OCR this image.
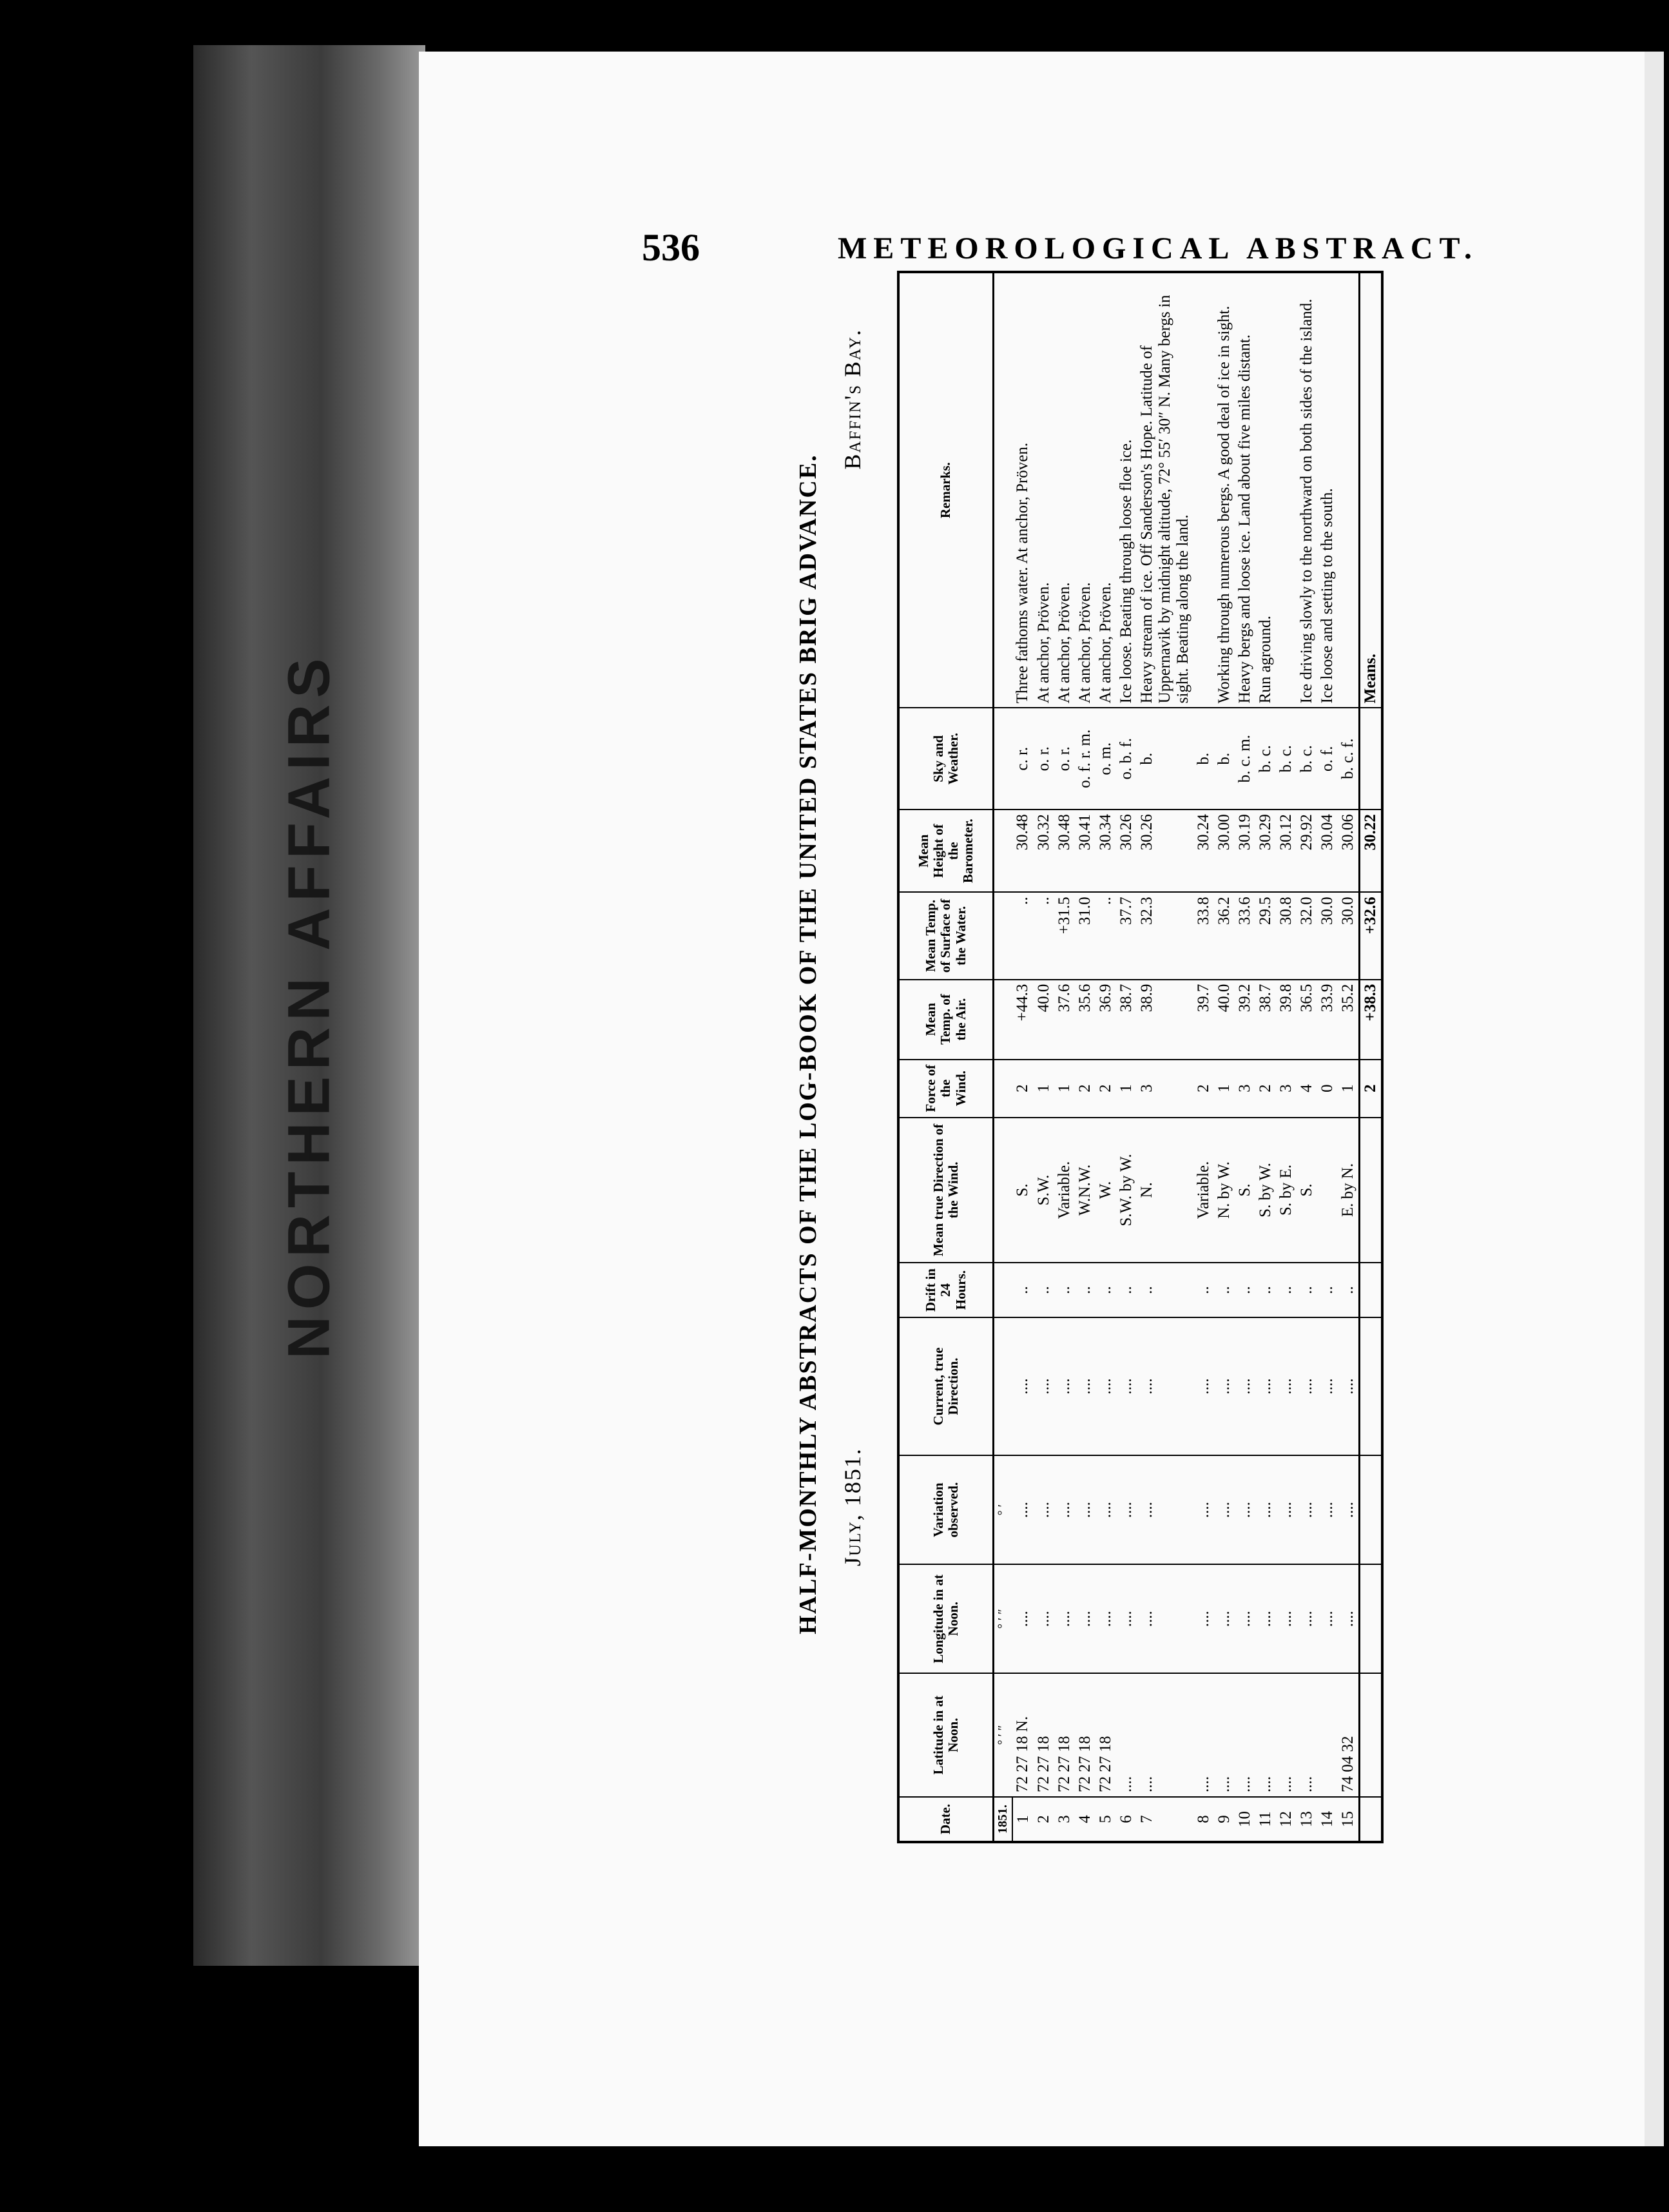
NORTHERN AFFAIRS
536	METEOROLOGICAL ABSTRACT.
HALF-MONTHLY ABSTRACTS OF THE LOG-BOOK OF THE UNITED STATES BRIG ADVANCE. July, 1851.
Baffin's Bay.
Date.	Latitude in at Noon.	Longitude in at Noon.	Variation observed.	Current, true Direction.	Drift in 24 Hours.	Mean true Direction of the Wind.	Force of the Wind.	Mean Temp. of the Air.	Mean Temp. of Surface of the Water.	Mean Height of the Barometer.	Sky and Weather.	Remarks.
1851.	° ′ ″	° ′ ″	° ′									
1	72 27 18 N.	....	....	....	..	S.	2	+44.3	..	30.48	c. r.	Three fathoms water. At anchor, Pröven.
2	72 27 18	....	....	....	..	S.W.	1	40.0	..	30.32	o. r.	At anchor, Pröven.
3	72 27 18	....	....	....	..	Variable.	1	37.6	+31.5	30.48	o. r.	At anchor, Pröven.
4	72 27 18	....	....	....	..	W.N.W.	2	35.6	31.0	30.41	o. f. r. m.	At anchor, Pröven.
5	72 27 18	....	....	....	..	W.	2	36.9	..	30.34	o. m.	At anchor, Pröven.
6	....	....	....	....	..	S.W. by W.	1	38.7	37.7	30.26	o. b. f.	Ice loose. Beating through loose floe ice.
7	....	....	....	....	..	N.	3	38.9	32.3	30.26	b.	Heavy stream of ice. Off Sanderson's Hope. Latitude of Uppernavik by midnight altitude, 72° 55′ 30″ N. Many bergs in sight. Beating along the land.
8	....	....	....	....	..	Variable.	2	39.7	33.8	30.24	b.	
9	....	....	....	....	..	N. by W.	1	40.0	36.2	30.00	b.	Working through numerous bergs. A good deal of ice in sight.
10	....	....	....	....	..	S.	3	39.2	33.6	30.19	b. c. m.	Heavy bergs and loose ice. Land about five miles distant.
11	....	....	....	....	..	S. by W.	2	38.7	29.5	30.29	b. c.	Run aground.
12	....	....	....	....	..	S. by E.	3	39.8	30.8	30.12	b. c.	
13	....	....	....	....	..	S.	4	36.5	32.0	29.92	b. c.	Ice driving slowly to the northward on both sides of the island.
14		....	....	....	..		0	33.9	30.0	30.04	o. f.	Ice loose and setting to the south.
15	74 04 32	....	....	....	..	E. by N.	1	35.2	30.0	30.06	b. c. f.	
							2	+38.3	+32.6	30.22		Means.
